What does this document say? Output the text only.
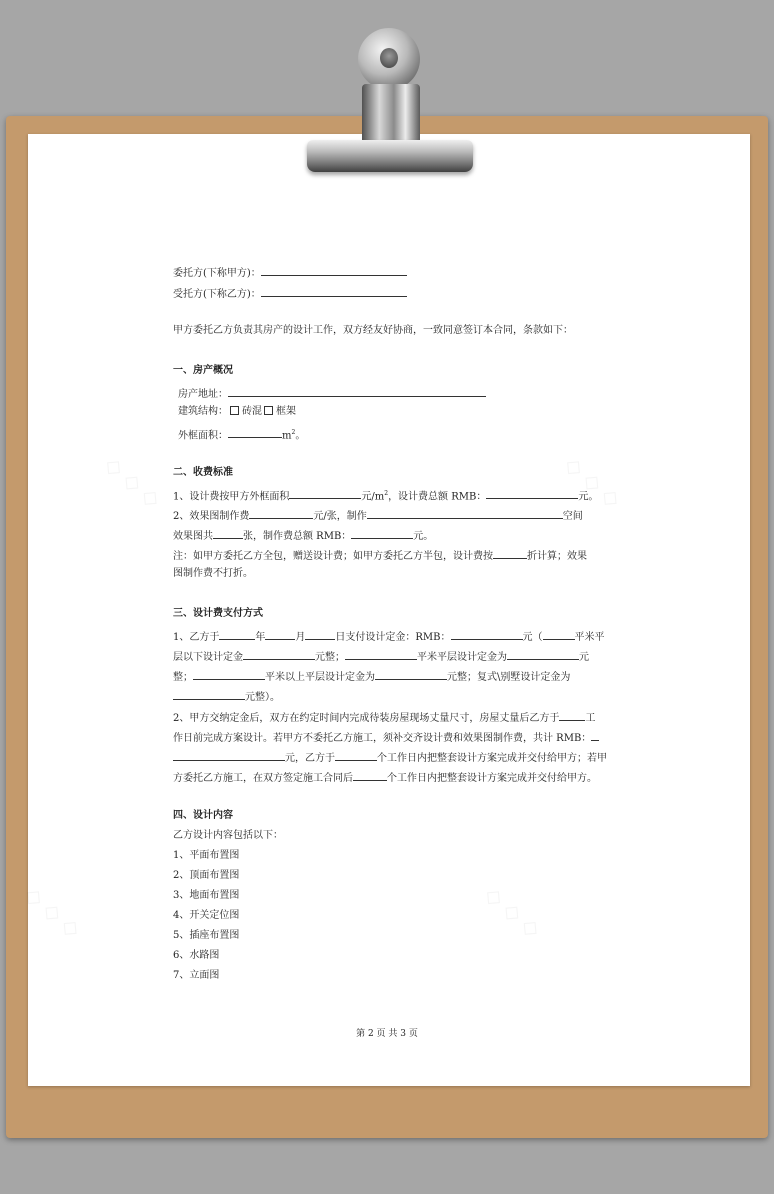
委托方(下称甲方)：
受托方(下称乙方)：
甲方委托乙方负责其房产的设计工作，双方经友好协商，一致同意签订本合同，条款如下：
一、房产概况
房产地址：
建筑结构： 砖混 框架
外框面积：	$m^2$。
二、收费标准
1、设计费按甲方外框面积	元$/m^2$，设计费总额 RMB：	元。
2、效果图制作费	元/张，制作	空间
效果图共	张，制作费总额 RMB：	元。
注：如甲方委托乙方全包，赠送设计费；如甲方委托乙方半包，设计费按	折计算；效果
图制作费不打折。
三、设计费支付方式
1、乙方于	年	月	日支付设计定金：RMB：	元（	平米平
层以下设计定金	元整；	平米平层设计定金为	元
整；	平米以上平层设计定金为	元整；复式\别墅设计定金为
元整）。
2、甲方交纳定金后，双方在约定时间内完成待装房屋现场丈量尺寸，房屋丈量后乙方于	工
作日前完成方案设计。若甲方不委托乙方施工，须补交齐设计费和效果图制作费，共计 RMB：
元，乙方于	个工作日内把整套设计方案完成并交付给甲方；若甲
方委托乙方施工，在双方签定施工合同后	个工作日内把整套设计方案完成并交付给甲方。
四、设计内容
乙方设计内容包括以下：
1、平面布置图
2、顶面布置图
3、地面布置图
4、开关定位图
5、插座布置图
6、水路图
7、立面图
第 2 页 共 3 页
